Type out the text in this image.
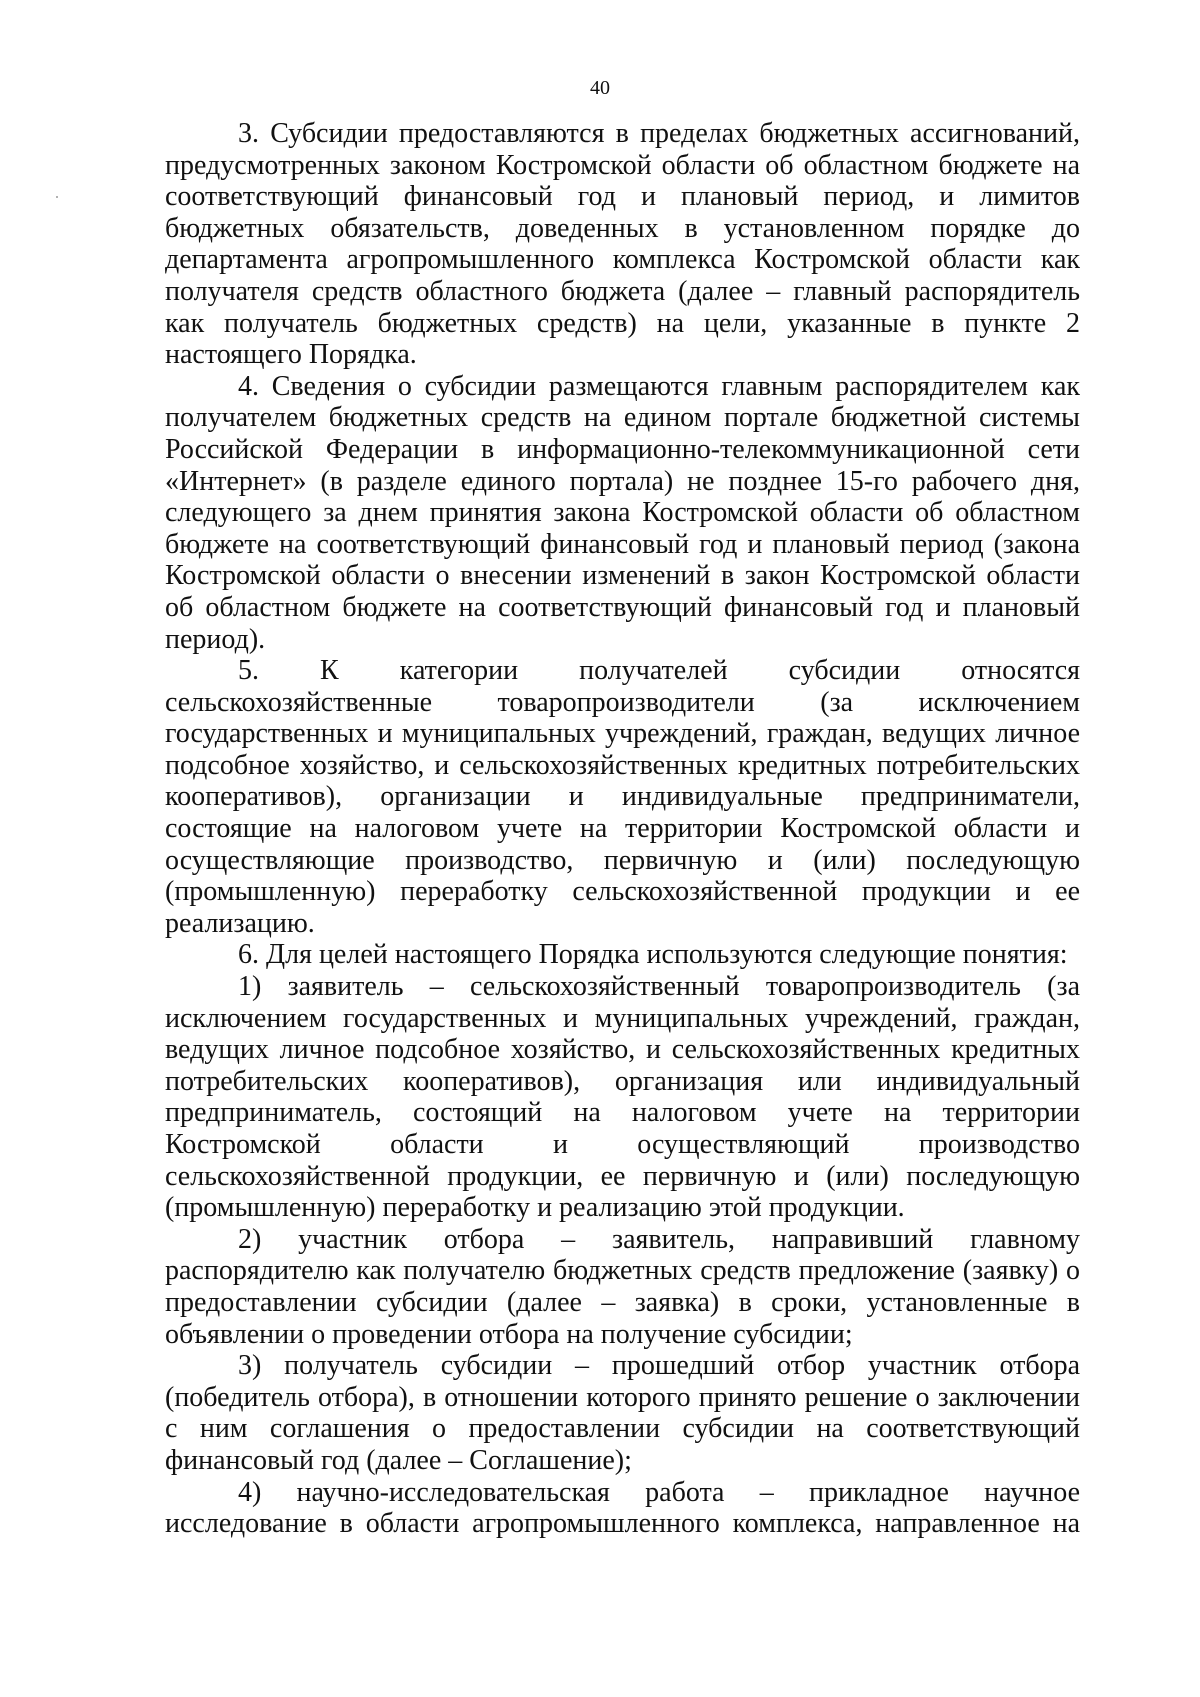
40

3. Субсидии предоставляются в пределах бюджетных ассигнований, предусмотренных законом Костромской области об областном бюджете на соответствующий финансовый год и плановый период, и лимитов бюджетных обязательств, доведенных в установленном порядке до департамента агропромышленного комплекса Костромской области как получателя средств областного бюджета (далее – главный распорядитель как получатель бюджетных средств) на цели, указанные в пункте 2 настоящего Порядка.

4. Сведения о субсидии размещаются главным распорядителем как получателем бюджетных средств на едином портале бюджетной системы Российской Федерации в информационно-телекоммуникационной сети «Интернет» (в разделе единого портала) не позднее 15-го рабочего дня, следующего за днем принятия закона Костромской области об областном бюджете на соответствующий финансовый год и плановый период (закона Костромской области о внесении изменений в закон Костромской области об областном бюджете на соответствующий финансовый год и плановый период).

5. К категории получателей субсидии относятся сельскохозяйственные товаропроизводители (за исключением государственных и муниципальных учреждений, граждан, ведущих личное подсобное хозяйство, и сельскохозяйственных кредитных потребительских кооперативов), организации и индивидуальные предприниматели, состоящие на налоговом учете на территории Костромской области и осуществляющие производство, первичную и (или) последующую (промышленную) переработку сельскохозяйственной продукции и ее реализацию.

6. Для целей настоящего Порядка используются следующие понятия:

1) заявитель – сельскохозяйственный товаропроизводитель (за исключением государственных и муниципальных учреждений, граждан, ведущих личное подсобное хозяйство, и сельскохозяйственных кредитных потребительских кооперативов), организация или индивидуальный предприниматель, состоящий на налоговом учете на территории Костромской области и осуществляющий производство сельскохозяйственной продукции, ее первичную и (или) последующую (промышленную) переработку и реализацию этой продукции.

2) участник отбора – заявитель, направивший главному распорядителю как получателю бюджетных средств предложение (заявку) о предоставлении субсидии (далее – заявка) в сроки, установленные в объявлении о проведении отбора на получение субсидии;

3) получатель субсидии – прошедший отбор участник отбора (победитель отбора), в отношении которого принято решение о заключении с ним соглашения о предоставлении субсидии на соответствующий финансовый год (далее – Соглашение);

4) научно-исследовательская работа – прикладное научное исследование в области агропромышленного комплекса, направленное на
